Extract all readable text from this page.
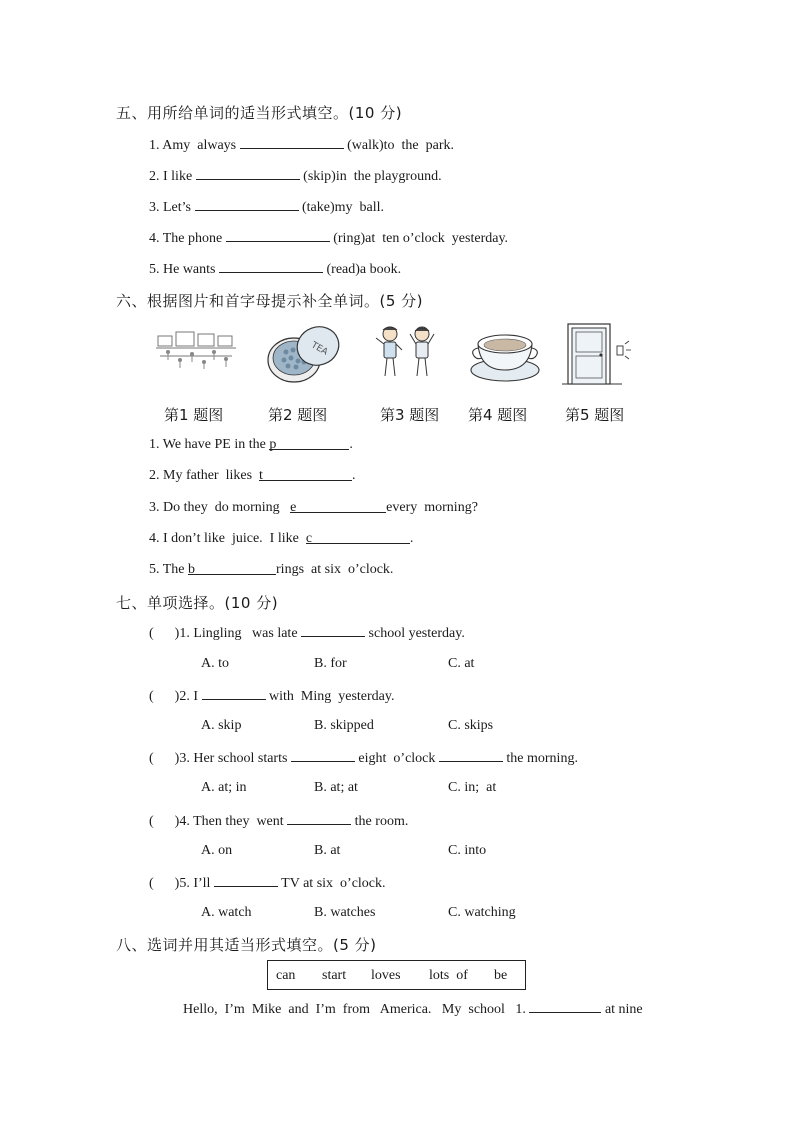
五、用所给单词的适当形式填空。(10 分)
1. Amy  always	(walk)to  the  park.
2. I like	(skip)in  the playground.
3. Let’s	(take)my  ball.
4. The phone	(ring)at  ten o’clock  yesterday.
5. He wants	(read)a book.
六、根据图片和首字母提示补全单词。(5 分)
TEA
第1 题图	第2 题图	第3 题图 第4 题图	第5 题图
1. We have PE in the p	.
2. My father  likes  t	.
3. Do they  do morning   e	every  morning?
4. I don’t like  juice.  I like  c	.
5. The b	rings  at six  o’clock.
七、单项选择。(10 分)
(      )1. Lingling   was late	school yesterday.
A. to	B. for	C. at
(      )2. I	with  Ming  yesterday.
A. skip	B. skipped	C. skips
(      )3. Her school starts	eight  o’clock	the morning.
A. at; in	B. at; at	C. in;  at
(      )4. Then they  went	the room.
A. on	B. at	C. into
(      )5. I’ll	TV at six  o’clock.
A. watch	B. watches	C. watching
八、选词并用其适当形式填空。(5 分)
can start loves lots  of be
Hello,  I’m  Mike  and  I’m  from   America.   My  school   1.	at nine
